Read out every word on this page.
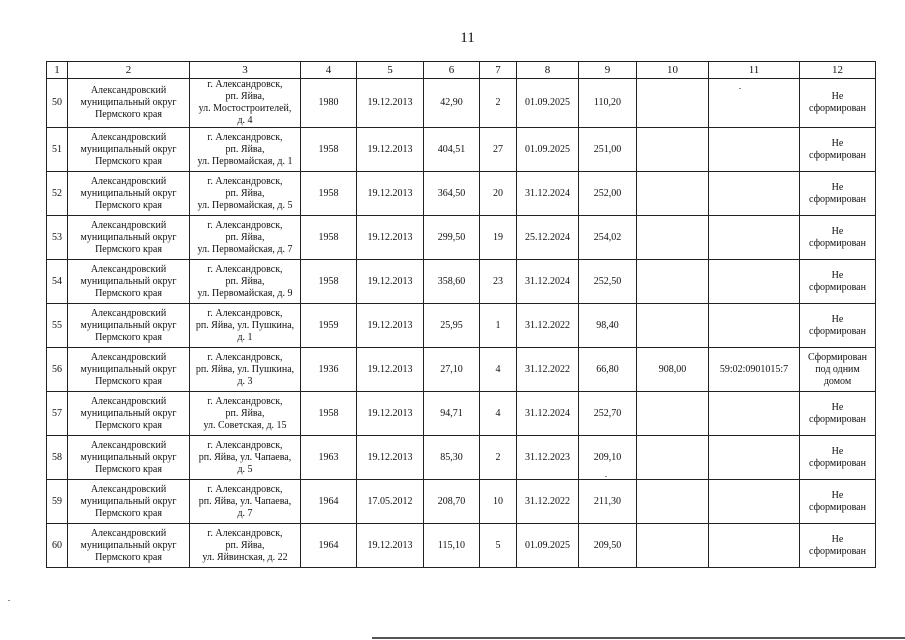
11
1	2	3	4	5	6	7	8	9	10	11	12
50	Александровский
муниципальный округ
Пермского края	г. Александровск,
рп. Яйва,
ул. Мостостроителей,
д. 4	1980	19.12.2013	42,90	2	01.09.2025	110,20			Не
сформирован
51	Александровский
муниципальный округ
Пермского края	г. Александровск,
рп. Яйва,
ул. Первомайская, д. 1	1958	19.12.2013	404,51	27	01.09.2025	251,00			Не
сформирован
52	Александровский
муниципальный округ
Пермского края	г. Александровск,
рп. Яйва,
ул. Первомайская, д. 5	1958	19.12.2013	364,50	20	31.12.2024	252,00			Не
сформирован
53	Александровский
муниципальный округ
Пермского края	г. Александровск,
рп. Яйва,
ул. Первомайская, д. 7	1958	19.12.2013	299,50	19	25.12.2024	254,02			Не
сформирован
54	Александровский
муниципальный округ
Пермского края	г. Александровск,
рп. Яйва,
ул. Первомайская, д. 9	1958	19.12.2013	358,60	23	31.12.2024	252,50			Не
сформирован
55	Александровский
муниципальный округ
Пермского края	г. Александровск,
рп. Яйва, ул. Пушкина,
д. 1	1959	19.12.2013	25,95	1	31.12.2022	98,40			Не
сформирован
56	Александровский
муниципальный округ
Пермского края	г. Александровск,
рп. Яйва, ул. Пушкина,
д. 3	1936	19.12.2013	27,10	4	31.12.2022	66,80	908,00	59:02:0901015:7	Сформирован
под одним
домом
57	Александровский
муниципальный округ
Пермского края	г. Александровск,
рп. Яйва,
ул. Советская, д. 15	1958	19.12.2013	94,71	4	31.12.2024	252,70			Не
сформирован
58	Александровский
муниципальный округ
Пермского края	г. Александровск,
рп. Яйва, ул. Чапаева,
д. 5	1963	19.12.2013	85,30	2	31.12.2023	209,10			Не
сформирован
59	Александровский
муниципальный округ
Пермского края	г. Александровск,
рп. Яйва, ул. Чапаева,
д. 7	1964	17.05.2012	208,70	10	31.12.2022	211,30			Не
сформирован
60	Александровский
муниципальный округ
Пермского края	г. Александровск,
рп. Яйва,
ул. Яйвинская, д. 22	1964	19.12.2013	115,10	5	01.09.2025	209,50			Не
сформирован
